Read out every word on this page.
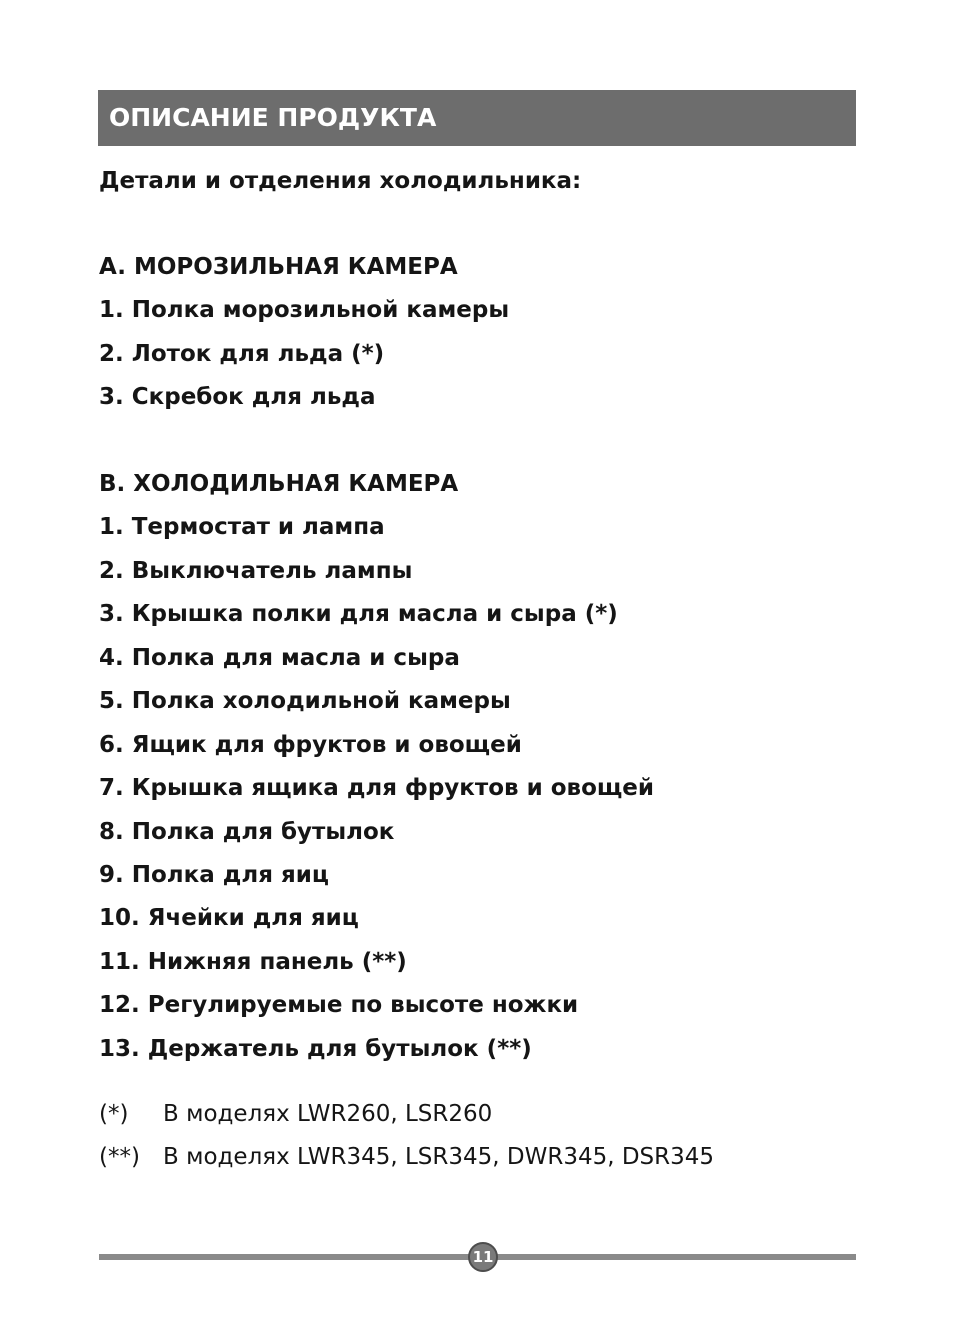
ОПИСАНИЕ ПРОДУКТА
Детали и отделения холодильника:
A. МОРОЗИЛЬНАЯ КАМЕРА
1. Полка морозильной камеры
2. Лоток для льда (*)
3. Скребок для льда
B. ХОЛОДИЛЬНАЯ КАМЕРА
1. Термостат и лампа
2. Выключатель лампы
3. Крышка полки для масла и сыра (*)
4. Полка для масла и сыра
5. Полка холодильной камеры
6. Ящик для фруктов и овощей
7. Крышка ящика для фруктов и овощей
8. Полка для бутылок
9. Полка для яиц
10. Ячейки для яиц
11. Нижняя панель (**)
12. Регулируемые по высоте ножки
13. Держатель для бутылок (**)
(*) В моделях LWR260, LSR260
(**) В моделях LWR345, LSR345, DWR345, DSR345
11
